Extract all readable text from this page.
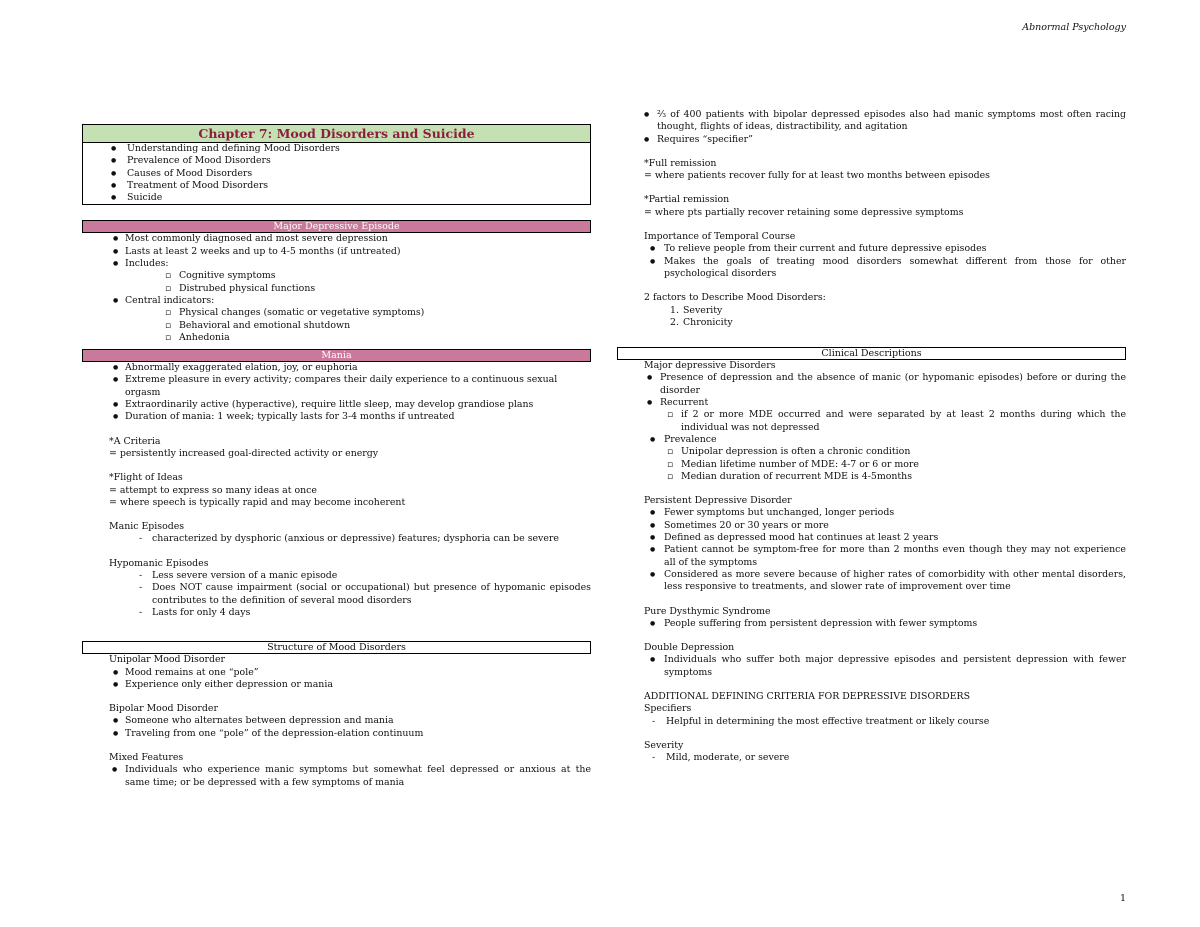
Abnormal Psychology
Chapter 7: Mood Disorders and Suicide
● Understanding and defining Mood Disorders
● Prevalence of Mood Disorders
● Causes of Mood Disorders
● Treatment of Mood Disorders
● Suicide
Major Depressive Episode
● Most commonly diagnosed and most severe depression
● Lasts at least 2 weeks and up to 4-5 months (if untreated)
● Includes:
▫ Cognitive symptoms
▫ Distrubed physical functions
● Central indicators:
▫ Physical changes (somatic or vegetative symptoms)
▫ Behavioral and emotional shutdown
▫ Anhedonia
Mania
● Abnormally exaggerated elation, joy, or euphoria
● Extreme pleasure in every activity; compares their daily experience to a continuous sexual orgasm
● Extraordinarily active (hyperactive), require little sleep, may develop grandiose plans
● Duration of mania: 1 week; typically lasts for 3-4 months if untreated
*A Criteria
= persistently increased goal-directed activity or energy
*Flight of Ideas
= attempt to express so many ideas at once
= where speech is typically rapid and may become incoherent
Manic Episodes
- characterized by dysphoric (anxious or depressive) features; dysphoria can be severe
Hypomanic Episodes
- Less severe version of a manic episode
- Does NOT cause impairment (social or occupational) but presence of hypomanic episodes contributes to the definition of several mood disorders
- Lasts for only 4 days
Structure of Mood Disorders
Unipolar Mood Disorder
● Mood remains at one “pole”
● Experience only either depression or mania
Bipolar Mood Disorder
● Someone who alternates between depression and mania
● Traveling from one “pole” of the depression-elation continuum
Mixed Features
● Individuals who experience manic symptoms but somewhat feel depressed or anxious at the same time; or be depressed with a few symptoms of mania
● ⅔ of 400 patients with bipolar depressed episodes also had manic symptoms most often racing thought, flights of ideas, distractibility, and agitation
● Requires “specifier”
*Full remission
= where patients recover fully for at least two months between episodes
*Partial remission
= where pts partially recover retaining some depressive symptoms
Importance of Temporal Course
● To relieve people from their current and future depressive episodes
● Makes the goals of treating mood disorders somewhat different from those for other psychological disorders
2 factors to Describe Mood Disorders:
1. Severity
2. Chronicity
Clinical Descriptions
Major depressive Disorders
● Presence of depression and the absence of manic (or hypomanic episodes) before or during the disorder
● Recurrent
▫ if 2 or more MDE occurred and were separated by at least 2 months during which the individual was not depressed
● Prevalence
▫ Unipolar depression is often a chronic condition
▫ Median lifetime number of MDE: 4-7 or 6 or more
▫ Median duration of recurrent MDE is 4-5months
Persistent Depressive Disorder
● Fewer symptoms but unchanged, longer periods
● Sometimes 20 or 30 years or more
● Defined as depressed mood hat continues at least 2 years
● Patient cannot be symptom-free for more than 2 months even though they may not experience all of the symptoms
● Considered as more severe because of higher rates of comorbidity with other mental disorders, less responsive to treatments, and slower rate of improvement over time
Pure Dysthymic Syndrome
● People suffering from persistent depression with fewer symptoms
Double Depression
● Individuals who suffer both major depressive episodes and persistent depression with fewer symptoms
ADDITIONAL DEFINING CRITERIA FOR DEPRESSIVE DISORDERS
Specifiers
- Helpful in determining the most effective treatment or likely course
Severity
- Mild, moderate, or severe
1
